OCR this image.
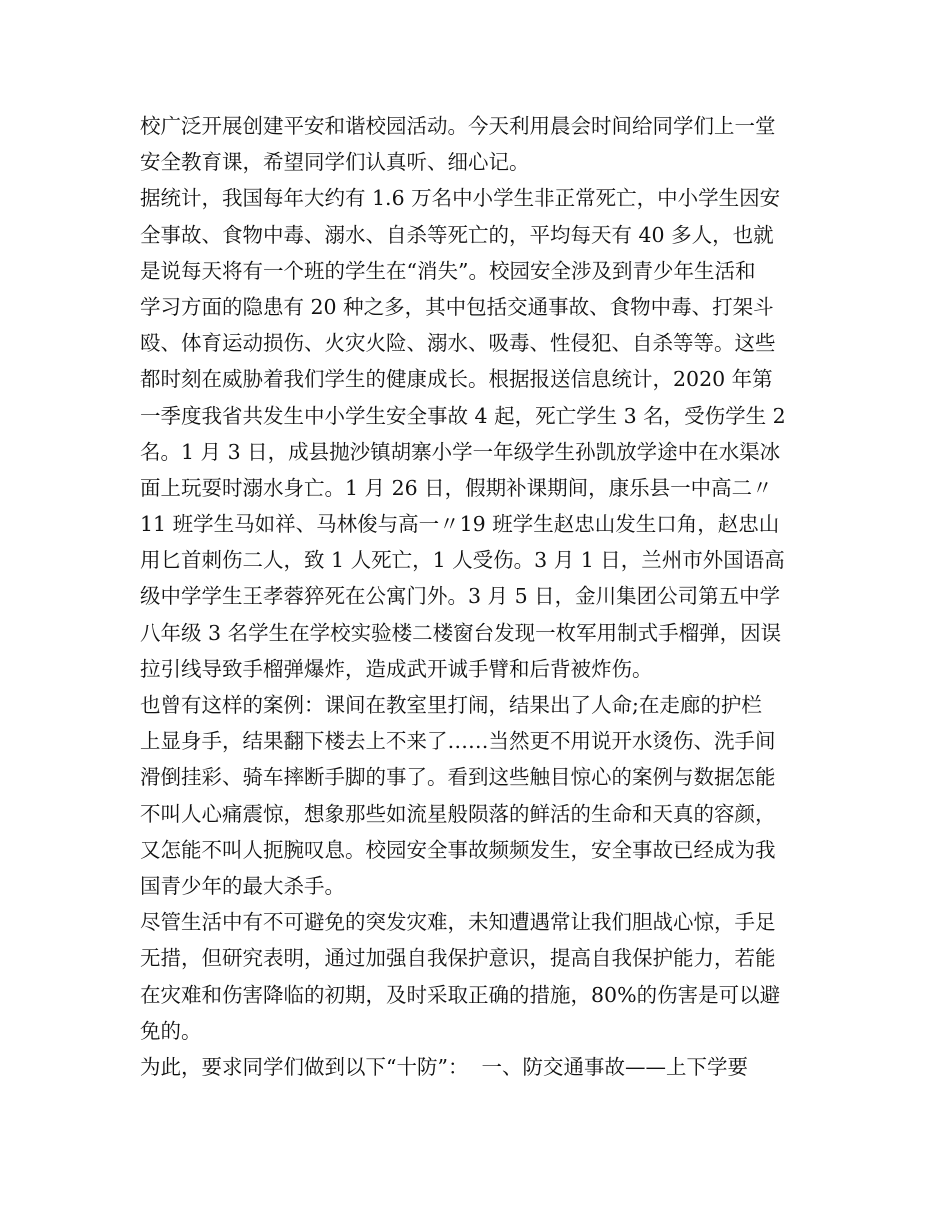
校广泛开展创建平安和谐校园活动。今天利用晨会时间给同学们上一堂
安全教育课，希望同学们认真听、细心记。
据统计，我国每年大约有 1.6 万名中小学生非正常死亡，中小学生因安
全事故、食物中毒、溺水、自杀等死亡的，平均每天有 40 多人，也就
是说每天将有一个班的学生在“消失”。校园安全涉及到青少年生活和
学习方面的隐患有 20 种之多，其中包括交通事故、食物中毒、打架斗
殴、体育运动损伤、火灾火险、溺水、吸毒、性侵犯、自杀等等。这些
都时刻在威胁着我们学生的健康成长。根据报送信息统计，2020 年第
一季度我省共发生中小学生安全事故 4 起，死亡学生 3 名，受伤学生 2
名。1 月 3 日，成县抛沙镇胡寨小学一年级学生孙凯放学途中在水渠冰
面上玩耍时溺水身亡。1 月 26 日，假期补课期间，康乐县一中高二〃
11 班学生马如祥、马林俊与高一〃19 班学生赵忠山发生口角，赵忠山
用匕首刺伤二人，致 1 人死亡，1 人受伤。3 月 1 日，兰州市外国语高
级中学学生王孝蓉猝死在公寓门外。3 月 5 日，金川集团公司第五中学
八年级 3 名学生在学校实验楼二楼窗台发现一枚军用制式手榴弹，因误
拉引线导致手榴弹爆炸，造成武开诚手臂和后背被炸伤。
也曾有这样的案例：课间在教室里打闹，结果出了人命;在走廊的护栏
上显身手，结果翻下楼去上不来了……当然更不用说开水烫伤、洗手间
滑倒挂彩、骑车摔断手脚的事了。看到这些触目惊心的案例与数据怎能
不叫人心痛震惊，想象那些如流星般陨落的鲜活的生命和天真的容颜，
又怎能不叫人扼腕叹息。校园安全事故频频发生，安全事故已经成为我
国青少年的最大杀手。
尽管生活中有不可避免的突发灾难，未知遭遇常让我们胆战心惊，手足
无措，但研究表明，通过加强自我保护意识，提高自我保护能力，若能
在灾难和伤害降临的初期，及时采取正确的措施，80%的伤害是可以避
免的。
为此，要求同学们做到以下“十防”：  一、防交通事故——上下学要
